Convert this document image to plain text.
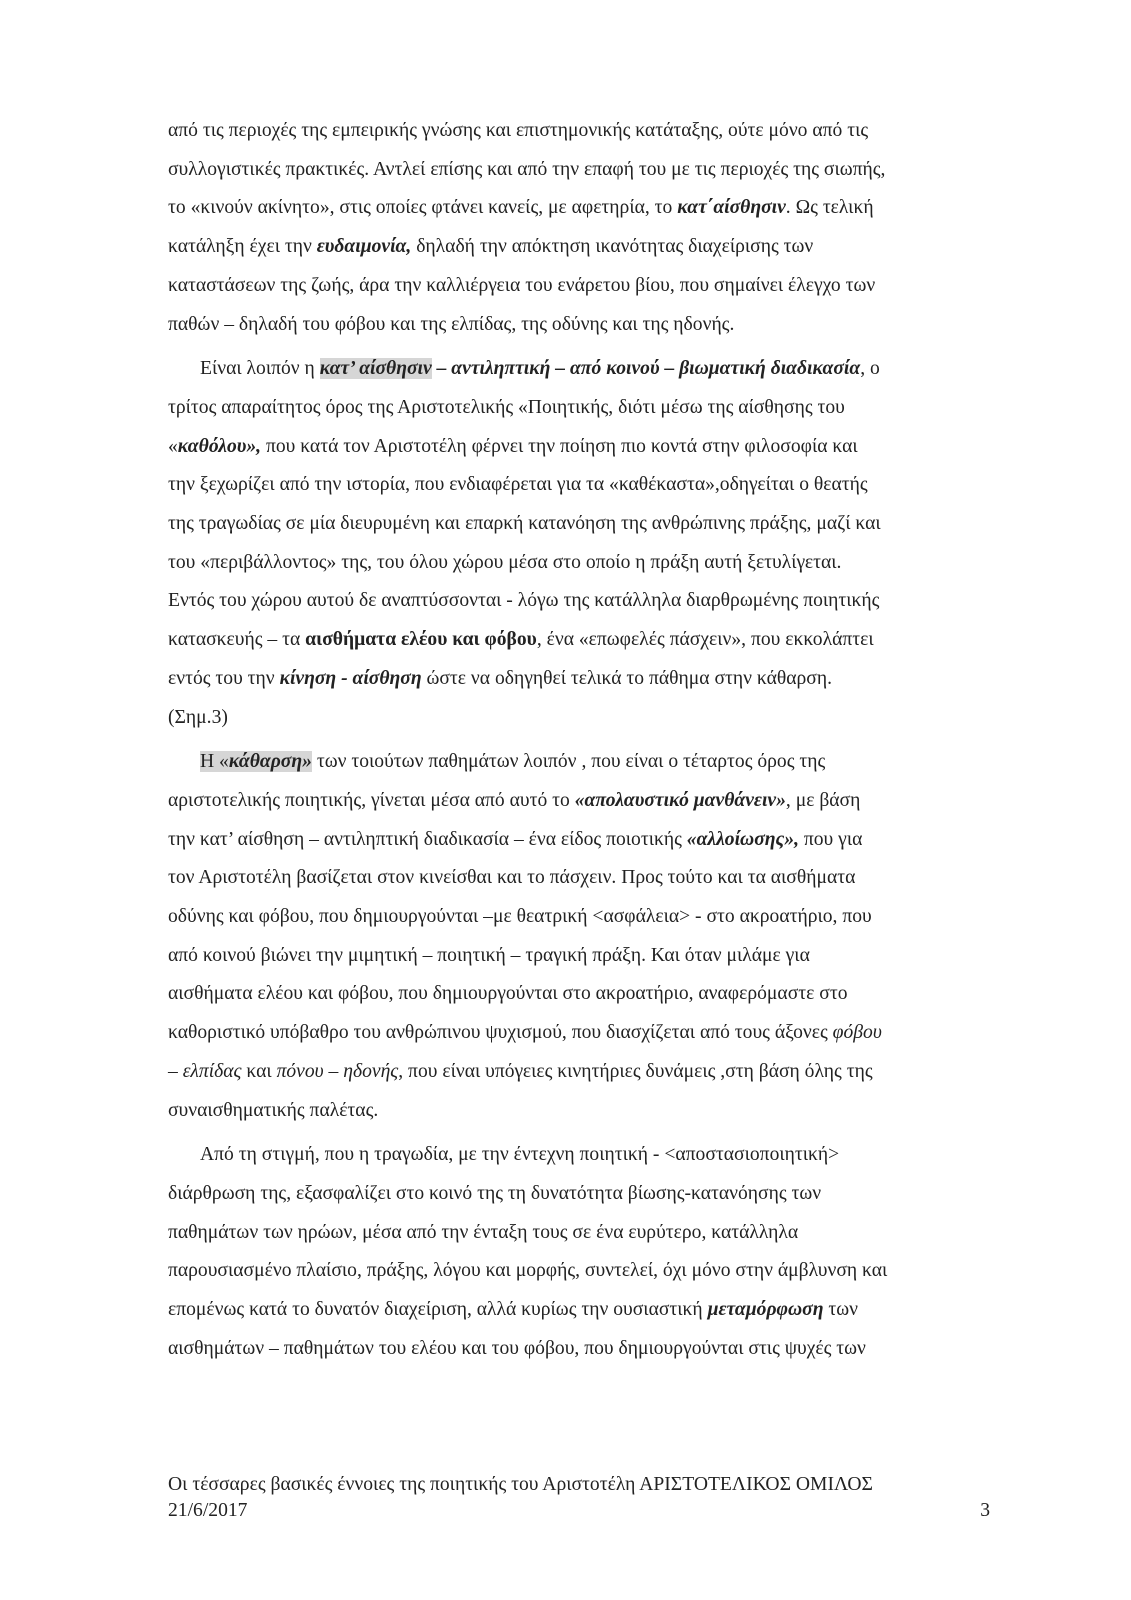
από τις περιοχές της εμπειρικής γνώσης και επιστημονικής κατάταξης, ούτε μόνο από τις
συλλογιστικές πρακτικές. Αντλεί επίσης και από την επαφή του με τις περιοχές της σιωπής,
το «κινούν ακίνητο», στις οποίες φτάνει κανείς, με αφετηρία, το κατ΄αίσθησιν. Ως τελική
κατάληξη έχει την ευδαιμονία, δηλαδή την απόκτηση ικανότητας διαχείρισης των
καταστάσεων της ζωής, άρα την καλλιέργεια του ενάρετου βίου, που σημαίνει έλεγχο των
παθών – δηλαδή του φόβου και της ελπίδας, της οδύνης και της ηδονής.

Είναι λοιπόν η κατ’ αίσθησιν – αντιληπτική – από κοινού – βιωματική διαδικασία, ο
τρίτος απαραίτητος όρος της Αριστοτελικής «Ποιητικής, διότι μέσω της αίσθησης του
«καθόλου», που κατά τον Αριστοτέλη φέρνει την ποίηση πιο κοντά στην φιλοσοφία και
την ξεχωρίζει από την ιστορία, που ενδιαφέρεται για τα «καθέκαστα»,οδηγείται ο θεατής
της τραγωδίας σε μία διευρυμένη και επαρκή κατανόηση της ανθρώπινης πράξης, μαζί και
του «περιβάλλοντος» της, του όλου χώρου μέσα στο οποίο η πράξη αυτή ξετυλίγεται.
Εντός του χώρου αυτού δε αναπτύσσονται - λόγω της κατάλληλα διαρθρωμένης ποιητικής
κατασκευής – τα αισθήματα ελέου και φόβου, ένα «επωφελές πάσχειν», που εκκολάπτει
εντός του την κίνηση - αίσθηση ώστε να οδηγηθεί τελικά το πάθημα στην κάθαρση.
(Σημ.3)

Η «κάθαρση» των τοιούτων παθημάτων λοιπόν , που είναι ο τέταρτος όρος της
αριστοτελικής ποιητικής, γίνεται μέσα από αυτό το «απολαυστικό μανθάνειν», με βάση
την κατ’ αίσθηση – αντιληπτική διαδικασία – ένα είδος ποιοτικής «αλλοίωσης», που για
τον Αριστοτέλη βασίζεται στον κινείσθαι και το πάσχειν. Προς τούτο και τα αισθήματα
οδύνης και φόβου, που δημιουργούνται –με θεατρική <ασφάλεια> - στο ακροατήριο, που
από κοινού βιώνει την μιμητική – ποιητική – τραγική πράξη. Και όταν μιλάμε για
αισθήματα ελέου και φόβου, που δημιουργούνται στο ακροατήριο, αναφερόμαστε στο
καθοριστικό υπόβαθρο του ανθρώπινου ψυχισμού, που διασχίζεται από τους άξονες φόβου
– ελπίδας και πόνου – ηδονής, που είναι υπόγειες κινητήριες δυνάμεις ,στη βάση όλης της
συναισθηματικής παλέτας.

Από τη στιγμή, που η τραγωδία, με την έντεχνη ποιητική - <αποστασιοποιητική>
διάρθρωση της, εξασφαλίζει στο κοινό της τη δυνατότητα βίωσης-κατανόησης των
παθημάτων των ηρώων, μέσα από την ένταξη τους σε ένα ευρύτερο, κατάλληλα
παρουσιασμένο πλαίσιο, πράξης, λόγου και μορφής, συντελεί, όχι μόνο στην άμβλυνση και
επομένως κατά το δυνατόν διαχείριση, αλλά κυρίως την ουσιαστική μεταμόρφωση των
αισθημάτων – παθημάτων του ελέου και του φόβου, που δημιουργούνται στις ψυχές των

Οι τέσσαρες βασικές έννοιες της ποιητικής του Αριστοτέλη ΑΡΙΣΤΟΤΕΛΙΚΟΣ ΟΜΙΛΟΣ
21/6/2017	3
